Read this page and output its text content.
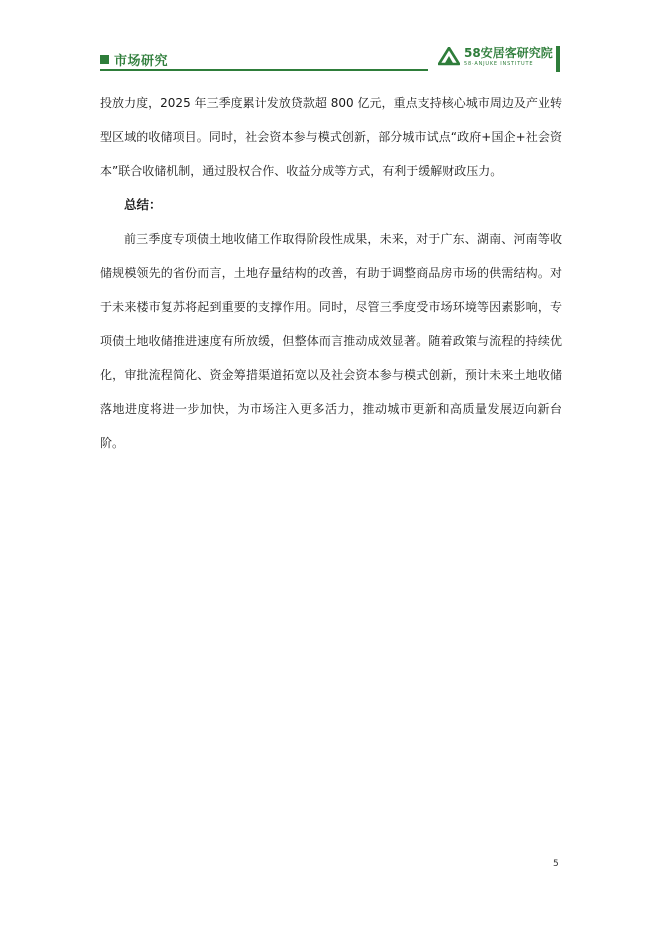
市场研究
58安居客研究院
58·ANJUKE INSTITUTE

投放力度，2025 年三季度累计发放贷款超 800 亿元，重点支持核心城市周边及产业转型区域的收储项目。同时，社会资本参与模式创新，部分城市试点“政府+国企+社会资本”联合收储机制，通过股权合作、收益分成等方式，有利于缓解财政压力。

总结：

前三季度专项债土地收储工作取得阶段性成果，未来，对于广东、湖南、河南等收储规模领先的省份而言，土地存量结构的改善，有助于调整商品房市场的供需结构。对于未来楼市复苏将起到重要的支撑作用。同时，尽管三季度受市场环境等因素影响，专项债土地收储推进速度有所放缓，但整体而言推动成效显著。随着政策与流程的持续优化，审批流程简化、资金筹措渠道拓宽以及社会资本参与模式创新，预计未来土地收储落地进度将进一步加快，为市场注入更多活力，推动城市更新和高质量发展迈向新台阶。

5
